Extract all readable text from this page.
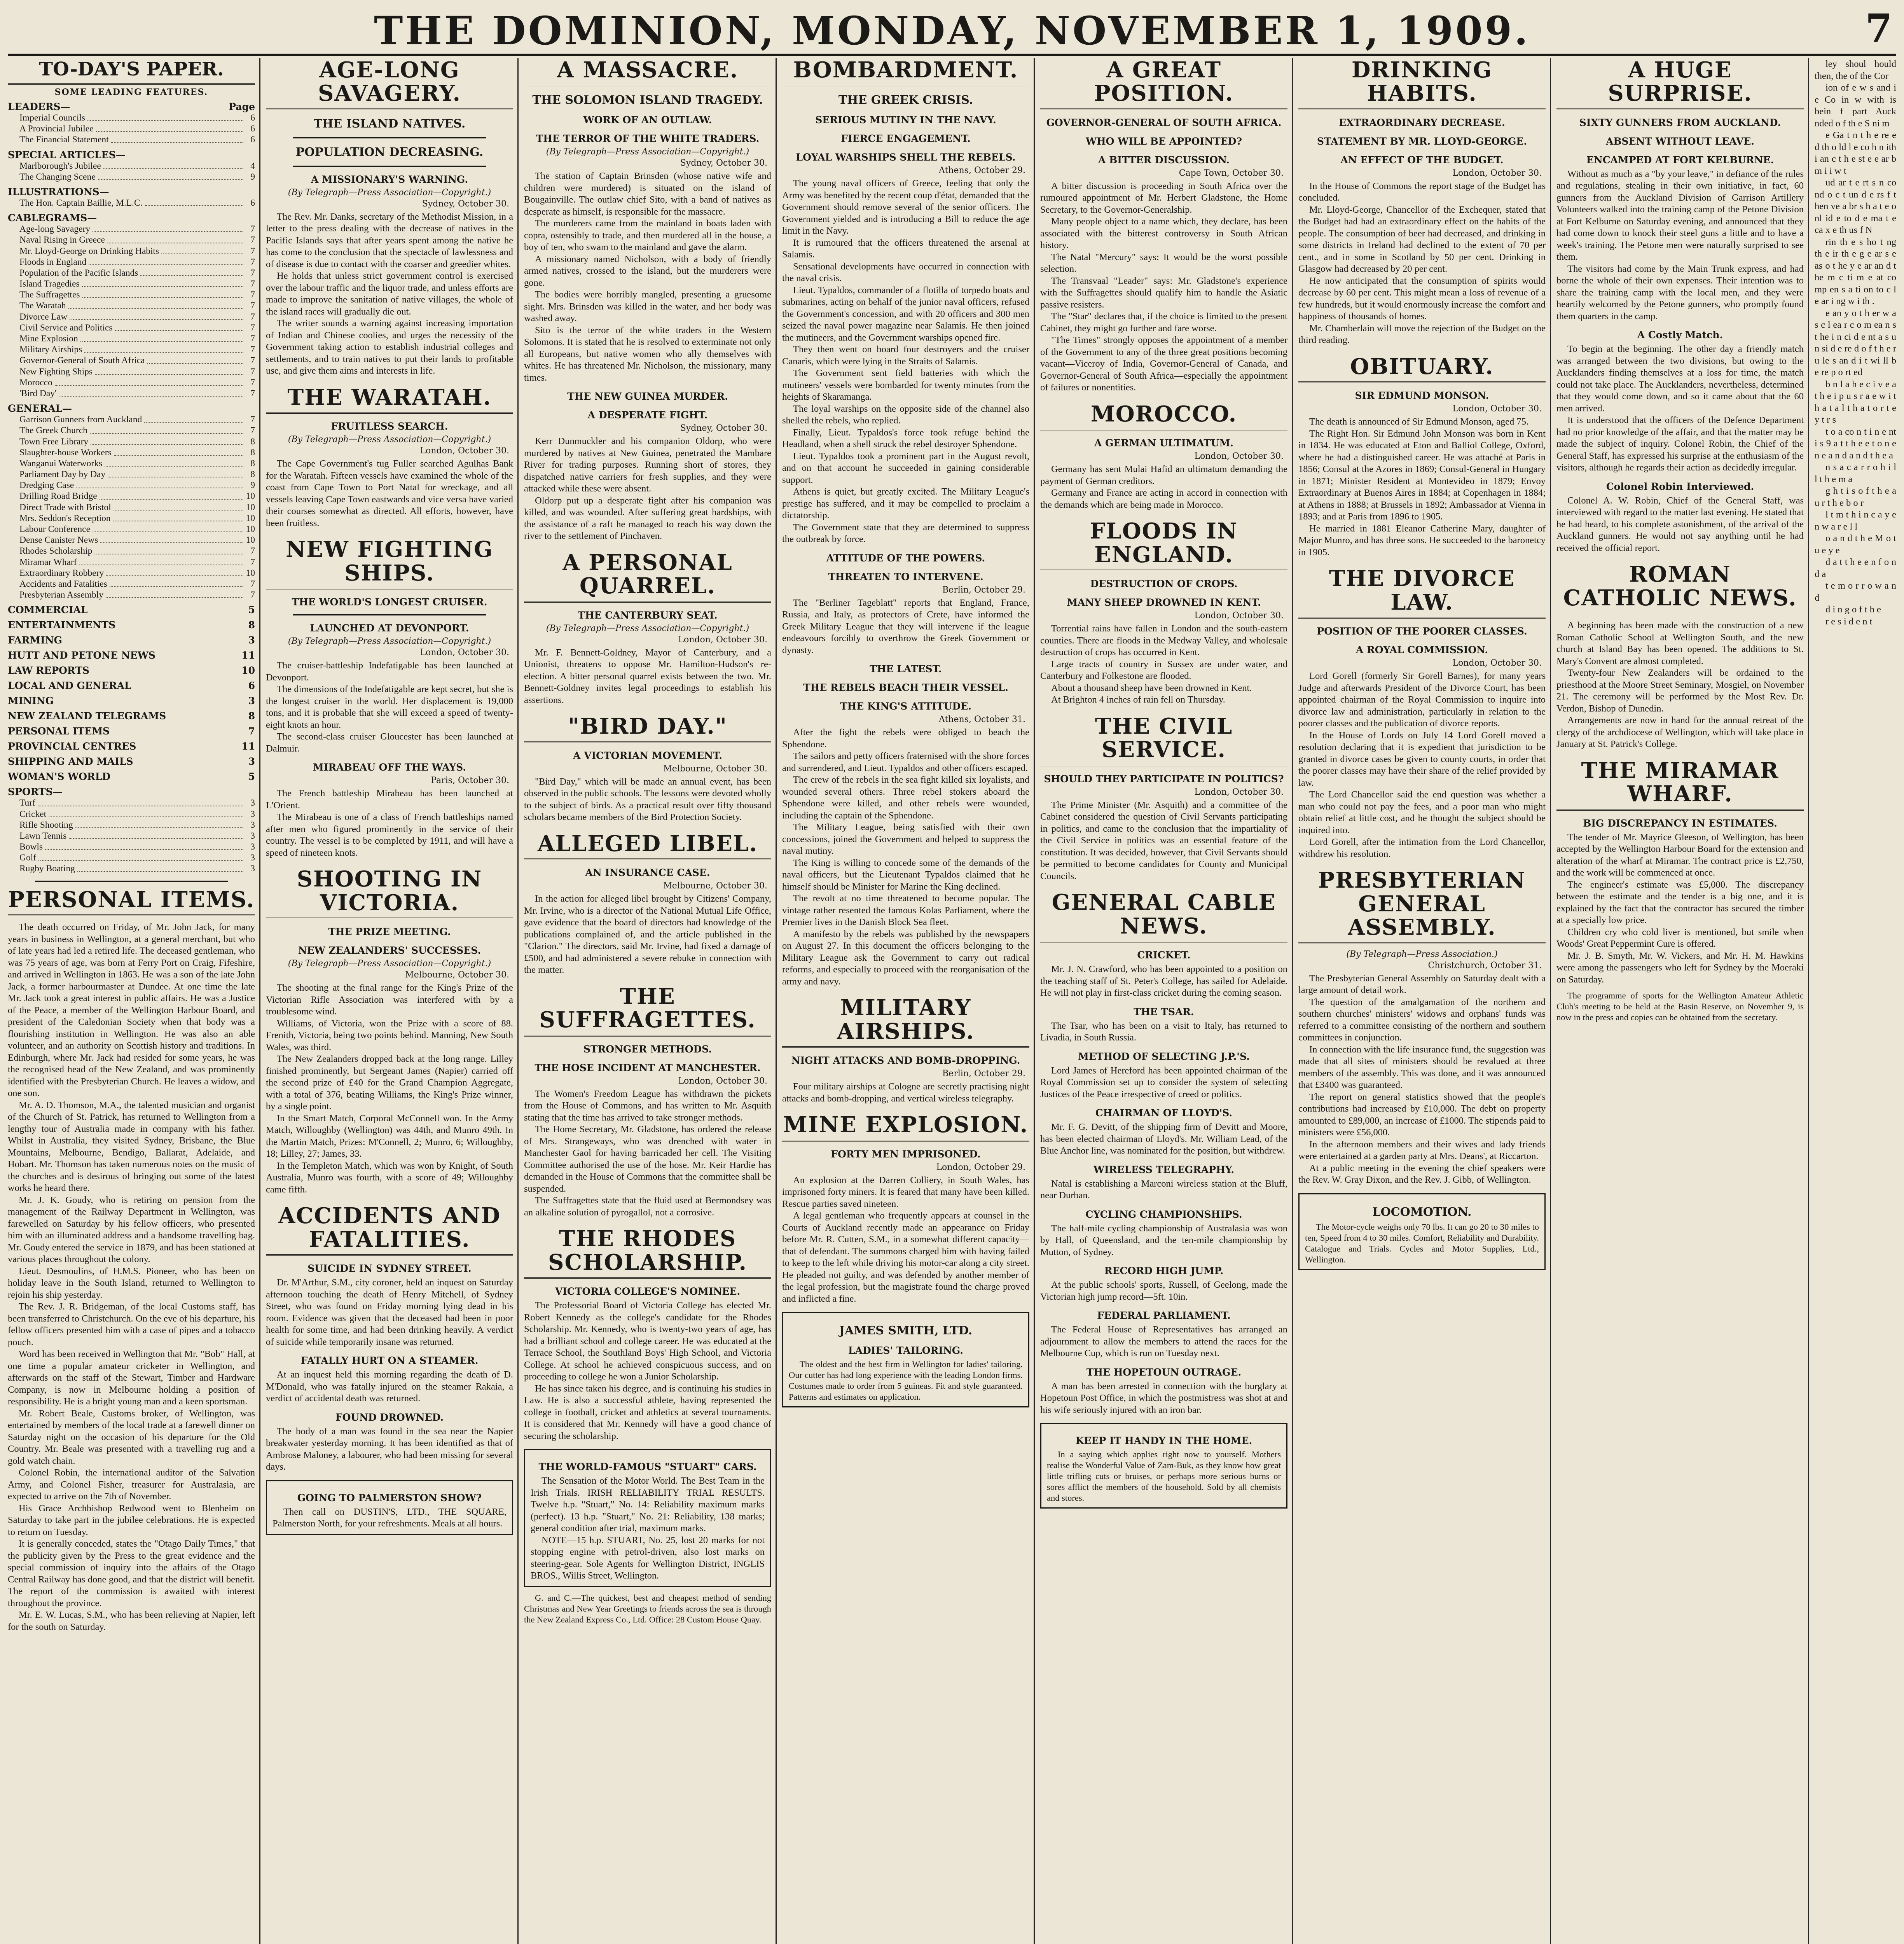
THE DOMINION, MONDAY, NOVEMBER 1, 1909.	7
TO-DAY'S PAPER.
SOME LEADING FEATURES.
LEADERS—	Page
Imperial Councils	6
A Provincial Jubilee	6
The Financial Statement	6
SPECIAL ARTICLES—
Marlborough's Jubilee	4
The Changing Scene	9
ILLUSTRATIONS—
The Hon. Captain Baillie, M.L.C.	6
CABLEGRAMS—
Age-long Savagery	7
Naval Rising in Greece	7
Mr. Lloyd-George on Drinking Habits	7
Floods in England	7
Population of the Pacific Islands	7
Island Tragedies	7
The Suffragettes	7
The Waratah	7
Divorce Law	7
Civil Service and Politics	7
Mine Explosion	7
Military Airships	7
Governor-General of South Africa	7
New Fighting Ships	7
Morocco	7
'Bird Day'	7
GENERAL—
Garrison Gunners from Auckland	7
The Greek Church	7
Town Free Library	8
Slaughter-house Workers	8
Wanganui Waterworks	8
Parliament Day by Day	8
Dredging Case	9
Drilling Road Bridge	10
Direct Trade with Bristol	10
Mrs. Seddon's Reception	10
Labour Conference	10
Dense Canister News	10
Rhodes Scholarship	7
Miramar Wharf	7
Extraordinary Robbery	10
Accidents and Fatalities	7
Presbyterian Assembly	7
COMMERCIAL	5
ENTERTAINMENTS	8
FARMING	3
HUTT AND PETONE NEWS	11
LAW REPORTS	10
LOCAL AND GENERAL	6
MINING	3
NEW ZEALAND TELEGRAMS	8
PERSONAL ITEMS	7
PROVINCIAL CENTRES	11
SHIPPING AND MAILS	3
WOMAN'S WORLD	5
SPORTS—
Turf	3
Cricket	3
Rifle Shooting	3
Lawn Tennis	3
Bowls	3
Golf	3
Rugby Boating	3
PERSONAL ITEMS.

The death occurred on Friday, of Mr. John Jack, for many years in business in Wellington, at a general merchant, but who of late years had led a retired life. The deceased gentleman, who was 75 years of age, was born at Ferry Port on Craig, Fifeshire, and arrived in Wellington in 1863. He was a son of the late John Jack, a former harbourmaster at Dundee. At one time the late Mr. Jack took a great interest in public affairs. He was a Justice of the Peace, a member of the Wellington Harbour Board, and president of the Caledonian Society when that body was a flourishing institution in Wellington. He was also an able volunteer, and an authority on Scottish history and traditions. In Edinburgh, where Mr. Jack had resided for some years, he was the recognised head of the New Zealand, and was prominently identified with the Presbyterian Church. He leaves a widow, and one son.

Mr. A. D. Thomson, M.A., the talented musician and organist of the Church of St. Patrick, has returned to Wellington from a lengthy tour of Australia made in company with his father. Whilst in Australia, they visited Sydney, Brisbane, the Blue Mountains, Melbourne, Bendigo, Ballarat, Adelaide, and Hobart. Mr. Thomson has taken numerous notes on the music of the churches and is desirous of bringing out some of the latest works he heard there.

Mr. J. K. Goudy, who is retiring on pension from the management of the Railway Department in Wellington, was farewelled on Saturday by his fellow officers, who presented him with an illuminated address and a handsome travelling bag. Mr. Goudy entered the service in 1879, and has been stationed at various places throughout the colony.

Lieut. Desmoulins, of H.M.S. Pioneer, who has been on holiday leave in the South Island, returned to Wellington to rejoin his ship yesterday.

The Rev. J. R. Bridgeman, of the local Customs staff, has been transferred to Christchurch. On the eve of his departure, his fellow officers presented him with a case of pipes and a tobacco pouch.

Word has been received in Wellington that Mr. "Bob" Hall, at one time a popular amateur cricketer in Wellington, and afterwards on the staff of the Stewart, Timber and Hardware Company, is now in Melbourne holding a position of responsibility. He is a bright young man and a keen sportsman.

Mr. Robert Beale, Customs broker, of Wellington, was entertained by members of the local trade at a farewell dinner on Saturday night on the occasion of his departure for the Old Country. Mr. Beale was presented with a travelling rug and a gold watch chain.

Colonel Robin, the international auditor of the Salvation Army, and Colonel Fisher, treasurer for Australasia, are expected to arrive on the 7th of November.

His Grace Archbishop Redwood went to Blenheim on Saturday to take part in the jubilee celebrations. He is expected to return on Tuesday.

It is generally conceded, states the "Otago Daily Times," that the publicity given by the Press to the great evidence and the special commission of inquiry into the affairs of the Otago Central Railway has done good, and that the district will benefit. The report of the commission is awaited with interest throughout the province.

Mr. E. W. Lucas, S.M., who has been relieving at Napier, left for the south on Saturday.

AGE-LONG SAVAGERY.
THE ISLAND NATIVES.
POPULATION DECREASING.
A MISSIONARY'S WARNING.
(By Telegraph—Press Association—Copyright.)
Sydney, October 30.

The Rev. Mr. Danks, secretary of the Methodist Mission, in a letter to the press dealing with the decrease of natives in the Pacific Islands says that after years spent among the native he has come to the conclusion that the spectacle of lawlessness and of disease is due to contact with the coarser and greedier whites.

He holds that unless strict government control is exercised over the labour traffic and the liquor trade, and unless efforts are made to improve the sanitation of native villages, the whole of the island races will gradually die out.

The writer sounds a warning against increasing importation of Indian and Chinese coolies, and urges the necessity of the Government taking action to establish industrial colleges and settlements, and to train natives to put their lands to profitable use, and give them aims and interests in life.

THE WARATAH.
FRUITLESS SEARCH.
(By Telegraph—Press Association—Copyright.)
London, October 30.

The Cape Government's tug Fuller searched Agulhas Bank for the Waratah. Fifteen vessels have examined the whole of the coast from Cape Town to Port Natal for wreckage, and all vessels leaving Cape Town eastwards and vice versa have varied their courses somewhat as directed. All efforts, however, have been fruitless.

NEW FIGHTING SHIPS.
THE WORLD'S LONGEST CRUISER.
LAUNCHED AT DEVONPORT.
(By Telegraph—Press Association—Copyright.)
London, October 30.

The cruiser-battleship Indefatigable has been launched at Devonport.

The dimensions of the Indefatigable are kept secret, but she is the longest cruiser in the world. Her displacement is 19,000 tons, and it is probable that she will exceed a speed of twenty-eight knots an hour.

The second-class cruiser Gloucester has been launched at Dalmuir.

MIRABEAU OFF THE WAYS.
Paris, October 30.

The French battleship Mirabeau has been launched at L'Orient.

The Mirabeau is one of a class of French battleships named after men who figured prominently in the service of their country. The vessel is to be completed by 1911, and will have a speed of nineteen knots.

SHOOTING IN VICTORIA.
THE PRIZE MEETING.
NEW ZEALANDERS' SUCCESSES.
(By Telegraph—Press Association—Copyright.)
Melbourne, October 30.

The shooting at the final range for the King's Prize of the Victorian Rifle Association was interfered with by a troublesome wind.

Williams, of Victoria, won the Prize with a score of 88. Frenith, Victoria, being two points behind. Manning, New South Wales, was third.

The New Zealanders dropped back at the long range. Lilley finished prominently, but Sergeant James (Napier) carried off the second prize of £40 for the Grand Champion Aggregate, with a total of 376, beating Williams, the King's Prize winner, by a single point.

In the Smart Match, Corporal McConnell won. In the Army Match, Willoughby (Wellington) was 44th, and Munro 49th. In the Martin Match, Prizes: M'Connell, 2; Munro, 6; Willoughby, 18; Lilley, 27; James, 33.

In the Templeton Match, which was won by Knight, of South Australia, Munro was fourth, with a score of 49; Willoughby came fifth.

ACCIDENTS AND FATALITIES.
SUICIDE IN SYDNEY STREET.

Dr. M'Arthur, S.M., city coroner, held an inquest on Saturday afternoon touching the death of Henry Mitchell, of Sydney Street, who was found on Friday morning lying dead in his room. Evidence was given that the deceased had been in poor health for some time, and had been drinking heavily. A verdict of suicide while temporarily insane was returned.

FATALLY HURT ON A STEAMER.

At an inquest held this morning regarding the death of D. M'Donald, who was fatally injured on the steamer Rakaia, a verdict of accidental death was returned.

FOUND DROWNED.

The body of a man was found in the sea near the Napier breakwater yesterday morning. It has been identified as that of Ambrose Maloney, a labourer, who had been missing for several days.

GOING TO PALMERSTON SHOW?

Then call on DUSTIN'S, LTD., THE SQUARE, Palmerston North, for your refreshments. Meals at all hours.

A MASSACRE.
THE SOLOMON ISLAND TRAGEDY.
WORK OF AN OUTLAW.
THE TERROR OF THE WHITE TRADERS.
(By Telegraph—Press Association—Copyright.)
Sydney, October 30.

The station of Captain Brinsden (whose native wife and children were murdered) is situated on the island of Bougainville. The outlaw chief Sito, with a band of natives as desperate as himself, is responsible for the massacre.

The murderers came from the mainland in boats laden with copra, ostensibly to trade, and then murdered all in the house, a boy of ten, who swam to the mainland and gave the alarm.

A missionary named Nicholson, with a body of friendly armed natives, crossed to the island, but the murderers were gone.

The bodies were horribly mangled, presenting a gruesome sight. Mrs. Brinsden was killed in the water, and her body was washed away.

Sito is the terror of the white traders in the Western Solomons. It is stated that he is resolved to exterminate not only all Europeans, but native women who ally themselves with whites. He has threatened Mr. Nicholson, the missionary, many times.

THE NEW GUINEA MURDER.
A DESPERATE FIGHT.
Sydney, October 30.

Kerr Dunmuckler and his companion Oldorp, who were murdered by natives at New Guinea, penetrated the Mambare River for trading purposes. Running short of stores, they dispatched native carriers for fresh supplies, and they were attacked while these were absent.

Oldorp put up a desperate fight after his companion was killed, and was wounded. After suffering great hardships, with the assistance of a raft he managed to reach his way down the river to the settlement of Pinchaven.

A PERSONAL QUARREL.
THE CANTERBURY SEAT.
(By Telegraph—Press Association—Copyright.)
London, October 30.

Mr. F. Bennett-Goldney, Mayor of Canterbury, and a Unionist, threatens to oppose Mr. Hamilton-Hudson's re-election. A bitter personal quarrel exists between the two. Mr. Bennett-Goldney invites legal proceedings to establish his assertions.

"BIRD DAY."
A VICTORIAN MOVEMENT.
Melbourne, October 30.

"Bird Day," which will be made an annual event, has been observed in the public schools. The lessons were devoted wholly to the subject of birds. As a practical result over fifty thousand scholars became members of the Bird Protection Society.

ALLEGED LIBEL.
AN INSURANCE CASE.
Melbourne, October 30.

In the action for alleged libel brought by Citizens' Company, Mr. Irvine, who is a director of the National Mutual Life Office, gave evidence that the board of directors had knowledge of the publications complained of, and the article published in the "Clarion." The directors, said Mr. Irvine, had fixed a damage of £500, and had administered a severe rebuke in connection with the matter.

THE SUFFRAGETTES.
STRONGER METHODS.
THE HOSE INCIDENT AT MANCHESTER.
London, October 30.

The Women's Freedom League has withdrawn the pickets from the House of Commons, and has written to Mr. Asquith stating that the time has arrived to take stronger methods.

The Home Secretary, Mr. Gladstone, has ordered the release of Mrs. Strangeways, who was drenched with water in Manchester Gaol for having barricaded her cell. The Visiting Committee authorised the use of the hose. Mr. Keir Hardie has demanded in the House of Commons that the committee shall be suspended.

The Suffragettes state that the fluid used at Bermondsey was an alkaline solution of pyrogallol, not a corrosive.

THE RHODES SCHOLARSHIP.
VICTORIA COLLEGE'S NOMINEE.

The Professorial Board of Victoria College has elected Mr. Robert Kennedy as the college's candidate for the Rhodes Scholarship. Mr. Kennedy, who is twenty-two years of age, has had a brilliant school and college career. He was educated at the Terrace School, the Southland Boys' High School, and Victoria College. At school he achieved conspicuous success, and on proceeding to college he won a Junior Scholarship.

He has since taken his degree, and is continuing his studies in Law. He is also a successful athlete, having represented the college in football, cricket and athletics at several tournaments. It is considered that Mr. Kennedy will have a good chance of securing the scholarship.

THE WORLD-FAMOUS "STUART" CARS.

The Sensation of the Motor World. The Best Team in the Irish Trials. IRISH RELIABILITY TRIAL RESULTS. Twelve h.p. "Stuart," No. 14: Reliability maximum marks (perfect). 13 h.p. "Stuart," No. 21: Reliability, 138 marks; general condition after trial, maximum marks.

NOTE—15 h.p. STUART, No. 25, lost 20 marks for not stopping engine with petrol-driven, also lost marks on steering-gear. Sole Agents for Wellington District, INGLIS BROS., Willis Street, Wellington.

G. and C.—The quickest, best and cheapest method of sending Christmas and New Year Greetings to friends across the sea is through the New Zealand Express Co., Ltd. Office: 28 Custom House Quay.

BOMBARDMENT.
THE GREEK CRISIS.
SERIOUS MUTINY IN THE NAVY.
FIERCE ENGAGEMENT.
LOYAL WARSHIPS SHELL THE REBELS.
Athens, October 29.

The young naval officers of Greece, feeling that only the Army was benefited by the recent coup d'état, demanded that the Government should remove several of the senior officers. The Government yielded and is introducing a Bill to reduce the age limit in the Navy.

It is rumoured that the officers threatened the arsenal at Salamis.

Sensational developments have occurred in connection with the naval crisis.

Lieut. Typaldos, commander of a flotilla of torpedo boats and submarines, acting on behalf of the junior naval officers, refused the Government's concession, and with 20 officers and 300 men seized the naval power magazine near Salamis. He then joined the mutineers, and the Government warships opened fire.

They then went on board four destroyers and the cruiser Canaris, which were lying in the Straits of Salamis.

The Government sent field batteries with which the mutineers' vessels were bombarded for twenty minutes from the heights of Skaramanga.

The loyal warships on the opposite side of the channel also shelled the rebels, who replied.

Finally, Lieut. Typaldos's force took refuge behind the Headland, when a shell struck the rebel destroyer Sphendone.

Lieut. Typaldos took a prominent part in the August revolt, and on that account he succeeded in gaining considerable support.

Athens is quiet, but greatly excited. The Military League's prestige has suffered, and it may be compelled to proclaim a dictatorship.

The Government state that they are determined to suppress the outbreak by force.

ATTITUDE OF THE POWERS.
THREATEN TO INTERVENE.
Berlin, October 29.

The "Berliner Tageblatt" reports that England, France, Russia, and Italy, as protectors of Crete, have informed the Greek Military League that they will intervene if the league endeavours forcibly to overthrow the Greek Government or dynasty.

THE LATEST.
THE REBELS BEACH THEIR VESSEL.
THE KING'S ATTITUDE.
Athens, October 31.

After the fight the rebels were obliged to beach the Sphendone.

The sailors and petty officers fraternised with the shore forces and surrendered, and Lieut. Typaldos and other officers escaped.

The crew of the rebels in the sea fight killed six loyalists, and wounded several others. Three rebel stokers aboard the Sphendone were killed, and other rebels were wounded, including the captain of the Sphendone.

The Military League, being satisfied with their own concessions, joined the Government and helped to suppress the naval mutiny.

The King is willing to concede some of the demands of the naval officers, but the Lieutenant Typaldos claimed that he himself should be Minister for Marine the King declined.

The revolt at no time threatened to become popular. The vintage rather resented the famous Kolas Parliament, where the Premier lives in the Danish Block Sea fleet.

A manifesto by the rebels was published by the newspapers on August 27. In this document the officers belonging to the Military League ask the Government to carry out radical reforms, and especially to proceed with the reorganisation of the army and navy.

MILITARY AIRSHIPS.
NIGHT ATTACKS AND BOMB-DROPPING.
Berlin, October 29.

Four military airships at Cologne are secretly practising night attacks and bomb-dropping, and vertical wireless telegraphy.

MINE EXPLOSION.
FORTY MEN IMPRISONED.
London, October 29.

An explosion at the Darren Colliery, in South Wales, has imprisoned forty miners. It is feared that many have been killed. Rescue parties saved nineteen.

A legal gentleman who frequently appears at counsel in the Courts of Auckland recently made an appearance on Friday before Mr. R. Cutten, S.M., in a somewhat different capacity—that of defendant. The summons charged him with having failed to keep to the left while driving his motor-car along a city street. He pleaded not guilty, and was defended by another member of the legal profession, but the magistrate found the charge proved and inflicted a fine.

JAMES SMITH, LTD.
LADIES' TAILORING.

The oldest and the best firm in Wellington for ladies' tailoring. Our cutter has had long experience with the leading London firms. Costumes made to order from 5 guineas. Fit and style guaranteed. Patterns and estimates on application.

A GREAT POSITION.
GOVERNOR-GENERAL OF SOUTH AFRICA.
WHO WILL BE APPOINTED?
A BITTER DISCUSSION.
Cape Town, October 30.

A bitter discussion is proceeding in South Africa over the rumoured appointment of Mr. Herbert Gladstone, the Home Secretary, to the Governor-Generalship.

Many people object to a name which, they declare, has been associated with the bitterest controversy in South African history.

The Natal "Mercury" says: It would be the worst possible selection.

The Transvaal "Leader" says: Mr. Gladstone's experience with the Suffragettes should qualify him to handle the Asiatic passive resisters.

The "Star" declares that, if the choice is limited to the present Cabinet, they might go further and fare worse.

"The Times" strongly opposes the appointment of a member of the Government to any of the three great positions becoming vacant—Viceroy of India, Governor-General of Canada, and Governor-General of South Africa—especially the appointment of failures or nonentities.

MOROCCO.
A GERMAN ULTIMATUM.
London, October 30.

Germany has sent Mulai Hafid an ultimatum demanding the payment of German creditors.

Germany and France are acting in accord in connection with the demands which are being made in Morocco.

FLOODS IN ENGLAND.
DESTRUCTION OF CROPS.
MANY SHEEP DROWNED IN KENT.
London, October 30.

Torrential rains have fallen in London and the south-eastern counties. There are floods in the Medway Valley, and wholesale destruction of crops has occurred in Kent.

Large tracts of country in Sussex are under water, and Canterbury and Folkestone are flooded.

About a thousand sheep have been drowned in Kent.

At Brighton 4 inches of rain fell on Thursday.

THE CIVIL SERVICE.
SHOULD THEY PARTICIPATE IN POLITICS?
London, October 30.

The Prime Minister (Mr. Asquith) and a committee of the Cabinet considered the question of Civil Servants participating in politics, and came to the conclusion that the impartiality of the Civil Service in politics was an essential feature of the constitution. It was decided, however, that Civil Servants should be permitted to become candidates for County and Municipal Councils.

GENERAL CABLE NEWS.
CRICKET.

Mr. J. N. Crawford, who has been appointed to a position on the teaching staff of St. Peter's College, has sailed for Adelaide. He will not play in first-class cricket during the coming season.

THE TSAR.

The Tsar, who has been on a visit to Italy, has returned to Livadia, in South Russia.

METHOD OF SELECTING J.P.'S.

Lord James of Hereford has been appointed chairman of the Royal Commission set up to consider the system of selecting Justices of the Peace irrespective of creed or politics.

CHAIRMAN OF LLOYD'S.

Mr. F. G. Devitt, of the shipping firm of Devitt and Moore, has been elected chairman of Lloyd's. Mr. William Lead, of the Blue Anchor line, was nominated for the position, but withdrew.

WIRELESS TELEGRAPHY.

Natal is establishing a Marconi wireless station at the Bluff, near Durban.

CYCLING CHAMPIONSHIPS.

The half-mile cycling championship of Australasia was won by Hall, of Queensland, and the ten-mile championship by Mutton, of Sydney.

RECORD HIGH JUMP.

At the public schools' sports, Russell, of Geelong, made the Victorian high jump record—5ft. 10in.

FEDERAL PARLIAMENT.

The Federal House of Representatives has arranged an adjournment to allow the members to attend the races for the Melbourne Cup, which is run on Tuesday next.

THE HOPETOUN OUTRAGE.

A man has been arrested in connection with the burglary at Hopetoun Post Office, in which the postmistress was shot at and his wife seriously injured with an iron bar.

KEEP IT HANDY IN THE HOME.

In a saying which applies right now to yourself. Mothers realise the Wonderful Value of Zam-Buk, as they know how great little trifling cuts or bruises, or perhaps more serious burns or sores afflict the members of the household. Sold by all chemists and stores.

DRINKING HABITS.
EXTRAORDINARY DECREASE.
STATEMENT BY MR. LLOYD-GEORGE.
AN EFFECT OF THE BUDGET.
London, October 30.

In the House of Commons the report stage of the Budget has concluded.

Mr. Lloyd-George, Chancellor of the Exchequer, stated that the Budget had had an extraordinary effect on the habits of the people. The consumption of beer had decreased, and drinking in some districts in Ireland had declined to the extent of 70 per cent., and in some in Scotland by 50 per cent. Drinking in Glasgow had decreased by 20 per cent.

He now anticipated that the consumption of spirits would decrease by 60 per cent. This might mean a loss of revenue of a few hundreds, but it would enormously increase the comfort and happiness of thousands of homes.

Mr. Chamberlain will move the rejection of the Budget on the third reading.

OBITUARY.
SIR EDMUND MONSON.
London, October 30.

The death is announced of Sir Edmund Monson, aged 75.

The Right Hon. Sir Edmund John Monson was born in Kent in 1834. He was educated at Eton and Balliol College, Oxford, where he had a distinguished career. He was attaché at Paris in 1856; Consul at the Azores in 1869; Consul-General in Hungary in 1871; Minister Resident at Montevideo in 1879; Envoy Extraordinary at Buenos Aires in 1884; at Copenhagen in 1884; at Athens in 1888; at Brussels in 1892; Ambassador at Vienna in 1893; and at Paris from 1896 to 1905.

He married in 1881 Eleanor Catherine Mary, daughter of Major Munro, and has three sons. He succeeded to the baronetcy in 1905.

THE DIVORCE LAW.
POSITION OF THE POORER CLASSES.
A ROYAL COMMISSION.
London, October 30.

Lord Gorell (formerly Sir Gorell Barnes), for many years Judge and afterwards President of the Divorce Court, has been appointed chairman of the Royal Commission to inquire into divorce law and administration, particularly in relation to the poorer classes and the publication of divorce reports.

In the House of Lords on July 14 Lord Gorell moved a resolution declaring that it is expedient that jurisdiction to be granted in divorce cases be given to county courts, in order that the poorer classes may have their share of the relief provided by law.

The Lord Chancellor said the end question was whether a man who could not pay the fees, and a poor man who might obtain relief at little cost, and he thought the subject should be inquired into.

Lord Gorell, after the intimation from the Lord Chancellor, withdrew his resolution.

PRESBYTERIAN GENERAL ASSEMBLY.
(By Telegraph—Press Association.)
Christchurch, October 31.

The Presbyterian General Assembly on Saturday dealt with a large amount of detail work.

The question of the amalgamation of the northern and southern churches' ministers' widows and orphans' funds was referred to a committee consisting of the northern and southern committees in conjunction.

In connection with the life insurance fund, the suggestion was made that all sites of ministers should be revalued at three members of the assembly. This was done, and it was announced that £3400 was guaranteed.

The report on general statistics showed that the people's contributions had increased by £10,000. The debt on property amounted to £89,000, an increase of £1000. The stipends paid to ministers were £56,000.

In the afternoon members and their wives and lady friends were entertained at a garden party at Mrs. Deans', at Riccarton.

At a public meeting in the evening the chief speakers were the Rev. W. Gray Dixon, and the Rev. J. Gibb, of Wellington.

LOCOMOTION.

The Motor-cycle weighs only 70 lbs. It can go 20 to 30 miles to ten, Speed from 4 to 30 miles. Comfort, Reliability and Durability. Catalogue and Trials. Cycles and Motor Supplies, Ltd., Wellington.

A HUGE SURPRISE.
SIXTY GUNNERS FROM AUCKLAND.
ABSENT WITHOUT LEAVE.
ENCAMPED AT FORT KELBURNE.

Without as much as a "by your leave," in defiance of the rules and regulations, stealing in their own initiative, in fact, 60 gunners from the Auckland Division of Garrison Artillery Volunteers walked into the training camp of the Petone Division at Fort Kelburne on Saturday evening, and announced that they had come down to knock their steel guns a little and to have a week's training. The Petone men were naturally surprised to see them.

The visitors had come by the Main Trunk express, and had borne the whole of their own expenses. Their intention was to share the training camp with the local men, and they were heartily welcomed by the Petone gunners, who promptly found them quarters in the camp.

A Costly Match.

To begin at the beginning. The other day a friendly match was arranged between the two divisions, but owing to the Aucklanders finding themselves at a loss for time, the match could not take place. The Aucklanders, nevertheless, determined that they would come down, and so it came about that the 60 men arrived.

It is understood that the officers of the Defence Department had no prior knowledge of the affair, and that the matter may be made the subject of inquiry. Colonel Robin, the Chief of the General Staff, has expressed his surprise at the enthusiasm of the visitors, although he regards their action as decidedly irregular.

Colonel Robin Interviewed.

Colonel A. W. Robin, Chief of the General Staff, was interviewed with regard to the matter last evening. He stated that he had heard, to his complete astonishment, of the arrival of the Auckland gunners. He would not say anything until he had received the official report.

ROMAN CATHOLIC NEWS.

A beginning has been made with the construction of a new Roman Catholic School at Wellington South, and the new church at Island Bay has been opened. The additions to St. Mary's Convent are almost completed.

Twenty-four New Zealanders will be ordained to the priesthood at the Moore Street Seminary, Mosgiel, on November 21. The ceremony will be performed by the Most Rev. Dr. Verdon, Bishop of Dunedin.

Arrangements are now in hand for the annual retreat of the clergy of the archdiocese of Wellington, which will take place in January at St. Patrick's College.

THE MIRAMAR WHARF.
BIG DISCREPANCY IN ESTIMATES.

The tender of Mr. Mayrice Gleeson, of Wellington, has been accepted by the Wellington Harbour Board for the extension and alteration of the wharf at Miramar. The contract price is £2,750, and the work will be commenced at once.

The engineer's estimate was £5,000. The discrepancy between the estimate and the tender is a big one, and it is explained by the fact that the contractor has secured the timber at a specially low price.

Children cry who cold liver is mentioned, but smile when Woods' Great Peppermint Cure is offered.

Mr. J. B. Smyth, Mr. W. Vickers, and Mr. H. M. Hawkins were among the passengers who left for Sydney by the Moeraki on Saturday.

The programme of sports for the Wellington Amateur Athletic Club's meeting to be held at the Basin Reserve, on November 9, is now in the press and copies can be obtained from the secretary.

ley shoul hould then, the of the Cor

ion of e w s and i e Co in w with is bein f part Auck nded o f th e S ni m

e Ga t n t h e re e d th o ld l e co h n ith i an c t h e st e e ar b m i i w t

ud ar t e rt s n co nd o c t un d e rs f t hen ve a br s h a t e o nl id e to d e ma t e ca x e th us f N

rin th e s ho t ng th e ir th e g e ar s e as o t he y e ar an d t he m c ti m e at co mp en s a ti on to c l e ar i ng w i th .

e an y o t h er w a s c l ea r c o m ea n s t he i n ci d e nt a s u n si d e re d o f t h e r u le s an d i t wi ll b e re p o rt ed

b n l a h e c i v e a t h e i p u s r a e w i t h a t a l t h a t o r t e y t r s

t o a co n t i n e nt i s 9 a t t h e e t o n e n e a n d a n d t h e a

n s a c a r r o h i l l t h e m a

g h t i s o f t h e a u r t h e b o r

l t m t h i n c a y e n w a r e l l

o a n d t h e M o t u e y e

d a t t h e e n f o n d a

t e m o r r o w a n d

d i n g o f t h e

r e s i d e n t
